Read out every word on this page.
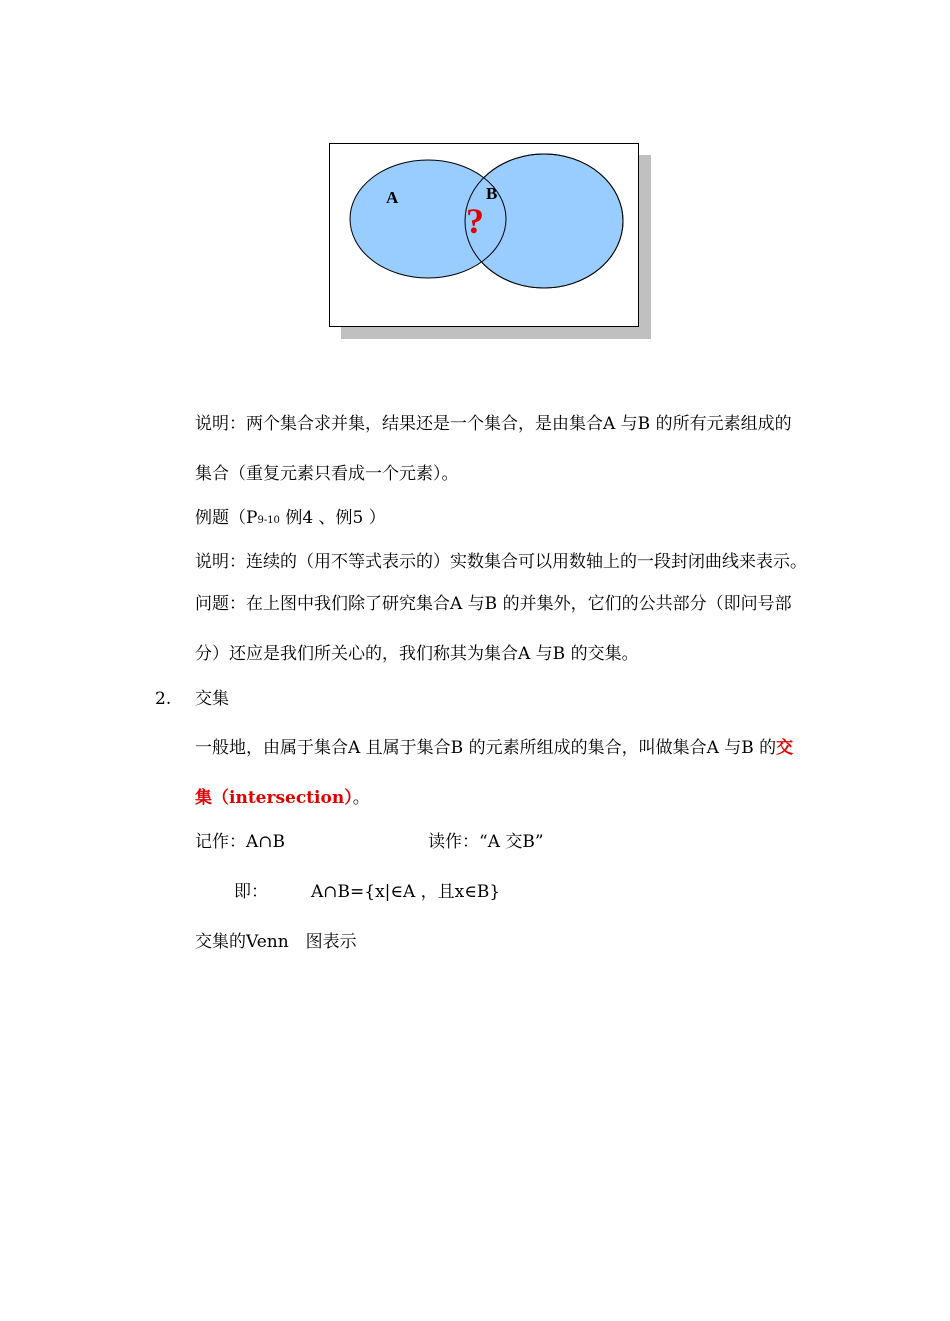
A	B
?
说明：两个集合求并集，结果还是一个集合，是由集合A 与B 的所有元素组成的
集合（重复元素只看成一个元素）。
例题（P9-10 例4 、例5 ）
说明：连续的（用不等式表示的）实数集合可以用数轴上的一段封闭曲线来表示。
问题：在上图中我们除了研究集合A 与B 的并集外，它们的公共部分（即问号部
分）还应是我们所关心的，我们称其为集合A 与B 的交集。
2. 交集
一般地，由属于集合A 且属于集合B 的元素所组成的集合，叫做集合A 与B 的交
集（intersection）。
记作：A∩B	读作：“A 交B”
即：	A∩B={x|∈A ，且x∈B}
交集的Venn　图表示
